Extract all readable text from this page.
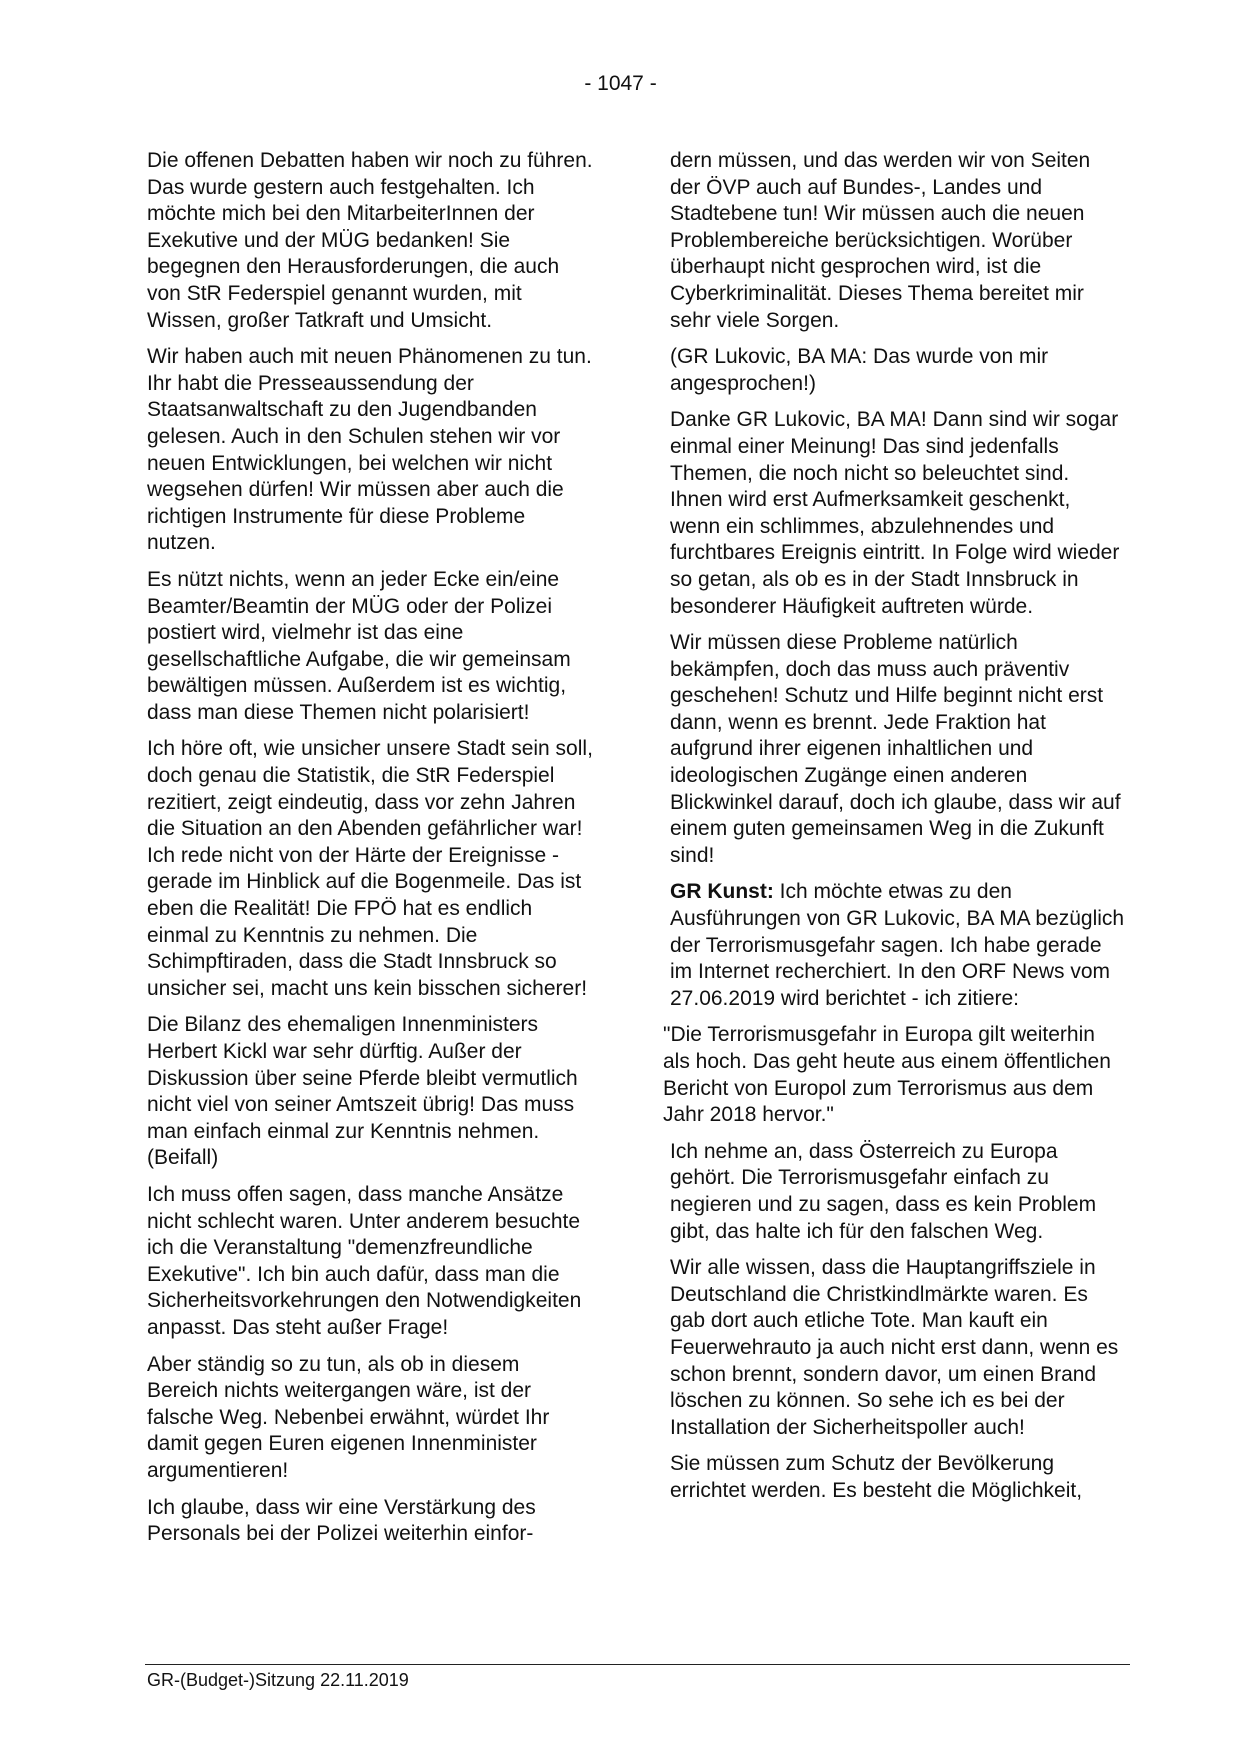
- 1047 -

Die offenen Debatten haben wir noch zu führen. Das wurde gestern auch festgehalten. Ich möchte mich bei den MitarbeiterInnen der Exekutive und der MÜG bedanken! Sie begegnen den Herausforderungen, die auch von StR Federspiel genannt wurden, mit Wissen, großer Tatkraft und Umsicht.

Wir haben auch mit neuen Phänomenen zu tun. Ihr habt die Presseaussendung der Staatsanwaltschaft zu den Jugendbanden gelesen. Auch in den Schulen stehen wir vor neuen Entwicklungen, bei welchen wir nicht wegsehen dürfen! Wir müssen aber auch die richtigen Instrumente für diese Probleme nutzen.

Es nützt nichts, wenn an jeder Ecke ein/eine Beamter/Beamtin der MÜG oder der Polizei postiert wird, vielmehr ist das eine gesellschaftliche Aufgabe, die wir gemeinsam bewältigen müssen. Außerdem ist es wichtig, dass man diese Themen nicht polarisiert!

Ich höre oft, wie unsicher unsere Stadt sein soll, doch genau die Statistik, die StR Federspiel rezitiert, zeigt eindeutig, dass vor zehn Jahren die Situation an den Abenden gefährlicher war! Ich rede nicht von der Härte der Ereignisse - gerade im Hinblick auf die Bogenmeile. Das ist eben die Realität! Die FPÖ hat es endlich einmal zu Kenntnis zu nehmen. Die Schimpftiraden, dass die Stadt Innsbruck so unsicher sei, macht uns kein bisschen sicherer!

Die Bilanz des ehemaligen Innenministers Herbert Kickl war sehr dürftig. Außer der Diskussion über seine Pferde bleibt vermutlich nicht viel von seiner Amtszeit übrig! Das muss man einfach einmal zur Kenntnis nehmen. (Beifall)

Ich muss offen sagen, dass manche Ansätze nicht schlecht waren. Unter anderem besuchte ich die Veranstaltung "demenzfreundliche Exekutive". Ich bin auch dafür, dass man die Sicherheitsvorkehrungen den Notwendigkeiten anpasst. Das steht außer Frage!

Aber ständig so zu tun, als ob in diesem Bereich nichts weitergangen wäre, ist der falsche Weg. Nebenbei erwähnt, würdet Ihr damit gegen Euren eigenen Innenminister argumentieren!

Ich glaube, dass wir eine Verstärkung des Personals bei der Polizei weiterhin einfor-

dern müssen, und das werden wir von Seiten der ÖVP auch auf Bundes-, Landes und Stadtebene tun! Wir müssen auch die neuen Problembereiche berücksichtigen. Worüber überhaupt nicht gesprochen wird, ist die Cyberkriminalität. Dieses Thema bereitet mir sehr viele Sorgen.

(GR Lukovic, BA MA: Das wurde von mir angesprochen!)

Danke GR Lukovic, BA MA! Dann sind wir sogar einmal einer Meinung! Das sind jedenfalls Themen, die noch nicht so beleuchtet sind. Ihnen wird erst Aufmerksamkeit geschenkt, wenn ein schlimmes, abzulehnendes und furchtbares Ereignis eintritt. In Folge wird wieder so getan, als ob es in der Stadt Innsbruck in besonderer Häufigkeit auftreten würde.

Wir müssen diese Probleme natürlich bekämpfen, doch das muss auch präventiv geschehen! Schutz und Hilfe beginnt nicht erst dann, wenn es brennt. Jede Fraktion hat aufgrund ihrer eigenen inhaltlichen und ideologischen Zugänge einen anderen Blickwinkel darauf, doch ich glaube, dass wir auf einem guten gemeinsamen Weg in die Zukunft sind!

GR Kunst: Ich möchte etwas zu den Ausführungen von GR Lukovic, BA MA bezüglich der Terrorismusgefahr sagen. Ich habe gerade im Internet recherchiert. In den ORF News vom 27.06.2019 wird berichtet - ich zitiere:

"Die Terrorismusgefahr in Europa gilt weiterhin als hoch. Das geht heute aus einem öffentlichen Bericht von Europol zum Terrorismus aus dem Jahr 2018 hervor."

Ich nehme an, dass Österreich zu Europa gehört. Die Terrorismusgefahr einfach zu negieren und zu sagen, dass es kein Problem gibt, das halte ich für den falschen Weg.

Wir alle wissen, dass die Hauptangriffsziele in Deutschland die Christkindlmärkte waren. Es gab dort auch etliche Tote. Man kauft ein Feuerwehrauto ja auch nicht erst dann, wenn es schon brennt, sondern davor, um einen Brand löschen zu können. So sehe ich es bei der Installation der Sicherheitspoller auch!

Sie müssen zum Schutz der Bevölkerung errichtet werden. Es besteht die Möglichkeit,

GR-(Budget-)Sitzung 22.11.2019
